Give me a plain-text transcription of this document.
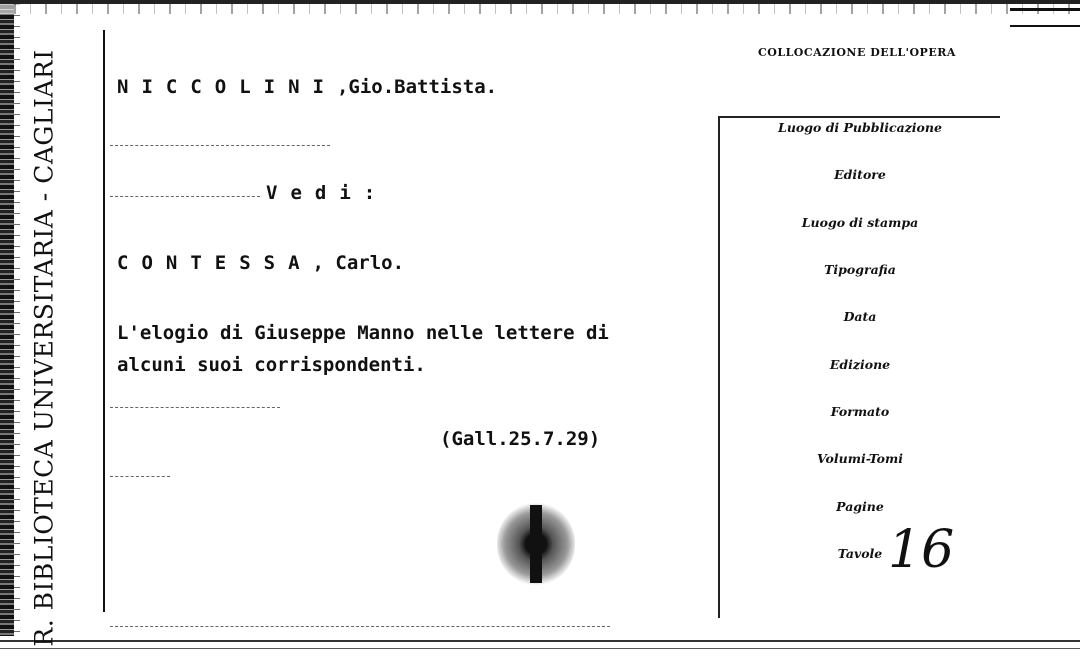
R. BIBLIOTECA UNIVERSITARIA - CAGLIARI	COLLOCAZIONE DELL'OPERA
Luogo di Pubblicazione
Editore
Luogo di stampa
Tipografia
Data
Edizione
Formato
Volumi-Tomi
Pagine
Tavole
NICCOLINI,Gio.Battista.
Vedi:
CONTESSA, Carlo.
L'elogio di Giuseppe Manno nelle lettere di
alcuni suoi corrispondenti.
(Gall.25.7.29)
16
